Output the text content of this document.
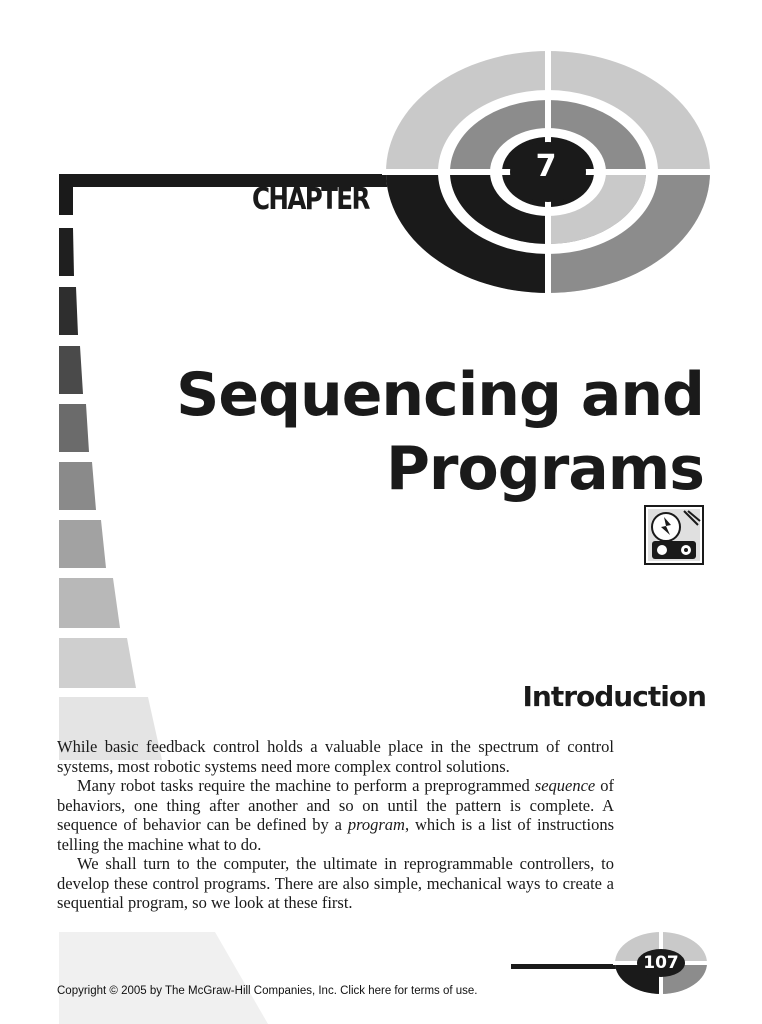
CHAPTER
7
Sequencing and
Programs
Introduction

While basic feedback control holds a valuable place in the spectrum of control systems, most robotic systems need more complex control solutions.

Many robot tasks require the machine to perform a preprogrammed sequence of behaviors, one thing after another and so on until the pattern is complete. A sequence of behavior can be defined by a program, which is a list of instructions telling the machine what to do.

We shall turn to the computer, the ultimate in reprogrammable controllers, to develop these control programs. There are also simple, mechanical ways to create a sequential program, so we look at these first.

107
Copyright © 2005 by The McGraw-Hill Companies, Inc. Click here for terms of use.
